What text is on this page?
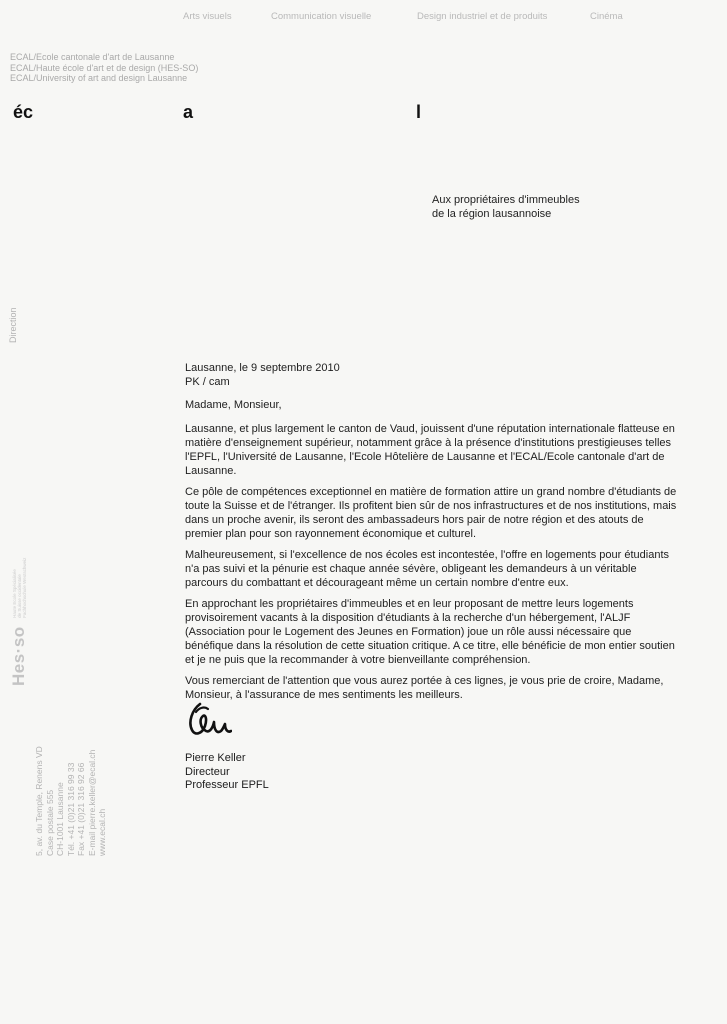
Arts visuels	Communication visuelle	Design industriel et de produits	Cinéma
ECAL/Ecole cantonale d'art de Lausanne
ECAL/Haute école d'art et de design (HES-SO)
ECAL/University of art and design Lausanne
éc	a	l
Aux propriétaires d'immeubles
de la région lausannoise
Direction
Lausanne, le 9 septembre 2010
PK / cam
Madame, Monsieur,

Lausanne, et plus largement le canton de Vaud, jouissent d'une réputation internationale flatteuse en matière d'enseignement supérieur, notamment grâce à la présence d'institutions prestigieuses telles l'EPFL, l'Université de Lausanne, l'Ecole Hôtelière de Lausanne et l'ECAL/Ecole cantonale d'art de Lausanne.

Ce pôle de compétences exceptionnel en matière de formation attire un grand nombre d'étudiants de toute la Suisse et de l'étranger. Ils profitent bien sûr de nos infrastructures et de nos institutions, mais dans un proche avenir, ils seront des ambassadeurs hors pair de notre région et des atouts de premier plan pour son rayonnement économique et culturel.

Malheureusement, si l'excellence de nos écoles est incontestée, l'offre en logements pour étudiants n'a pas suivi et la pénurie est chaque année sévère, obligeant les demandeurs à un véritable parcours du combattant et décourageant même un certain nombre d'entre eux.

En approchant les propriétaires d'immeubles et en leur proposant de mettre leurs logements provisoirement vacants à la disposition d'étudiants à la recherche d'un hébergement, l'ALJF (Association pour le Logement des Jeunes en Formation) joue un rôle aussi nécessaire que bénéfique dans la résolution de cette situation critique. A ce titre, elle bénéficie de mon entier soutien et je ne puis que la recommander à votre bienveillante compréhension.

Vous remerciant de l'attention que vous aurez portée à ces lignes, je vous prie de croire, Madame, Monsieur, à l'assurance de mes sentiments les meilleurs.

Pierre Keller
Directeur
Professeur EPFL
Hes·so
Haute Ecole Spécialisée de Suisse occidentale Fachhochschule Westschweiz
5, av. du Temple, Renens VD Case postale 555 CH-1001 Lausanne Tél. +41 (0)21 316 99 33 Fax +41 (0)21 316 92 66 E-mail pierre.keller@ecal.ch www.ecal.ch
